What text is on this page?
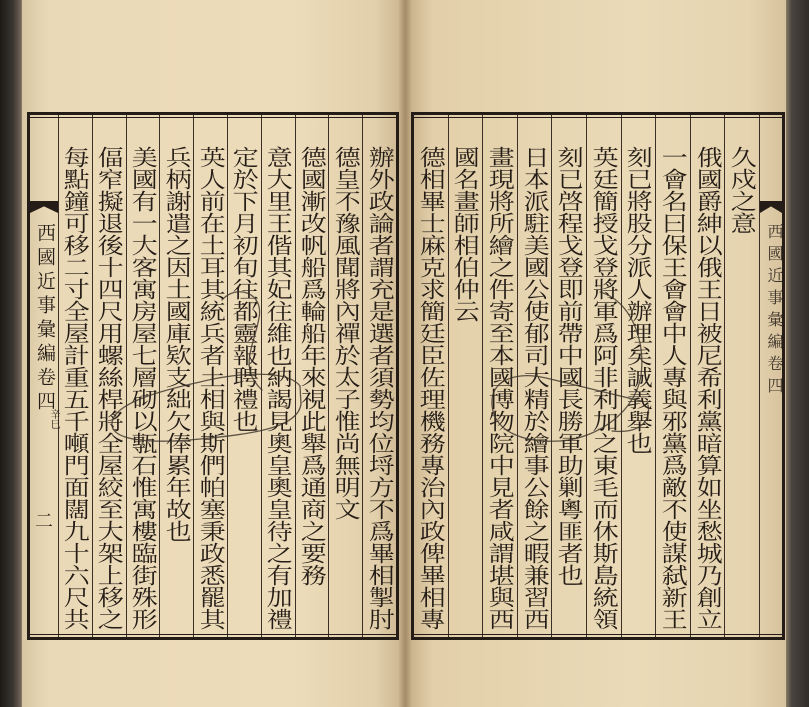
西國近事彙編卷四
辛巳
二	辦外政論者謂充是選者須勢均位埒方不爲畢相掣肘
德皇不豫風聞將內禪於太子惟尚無明文
德國漸改帆船爲輪船年來視此舉爲通商之要務
意大里王偕其妃往維也納謁見奧皇奧皇待之有加禮
定於下月初旬往都靈報聘禮也
英人前在土耳其統兵者土相與斯們帕塞秉政悉罷其
兵柄謝遣之因土國庫欵支絀欠俸累年故也
美國有一大客寓房屋七層砌以甎石惟寓樓臨街殊形
偪窄擬退後十四尺用螺絲桿將全屋絞至大架上移之
每點鐘可移二寸全屋計重五千噸門面闊九十六尺共	久戍之意
俄國爵紳以俄王日被尼希利黨暗算如坐愁城乃創立
一會名曰保王會會中人專與邪黨爲敵不使謀弑新王
刻已將股分派人辦理矣誠義舉也
英廷簡授戈登將軍爲阿非利加之東毛而休斯島統領
刻已啓程戈登即前帶中國長勝軍助剿粵匪者也
日本派駐美國公使郁司大精於繪事公餘之暇兼習西
畫現將所繪之件寄至本國博物院中見者咸謂堪與西
國名畫師相伯仲云
德相畢士麻克求簡廷臣佐理機務專治內政俾畢相專	西國近事彙編卷四
